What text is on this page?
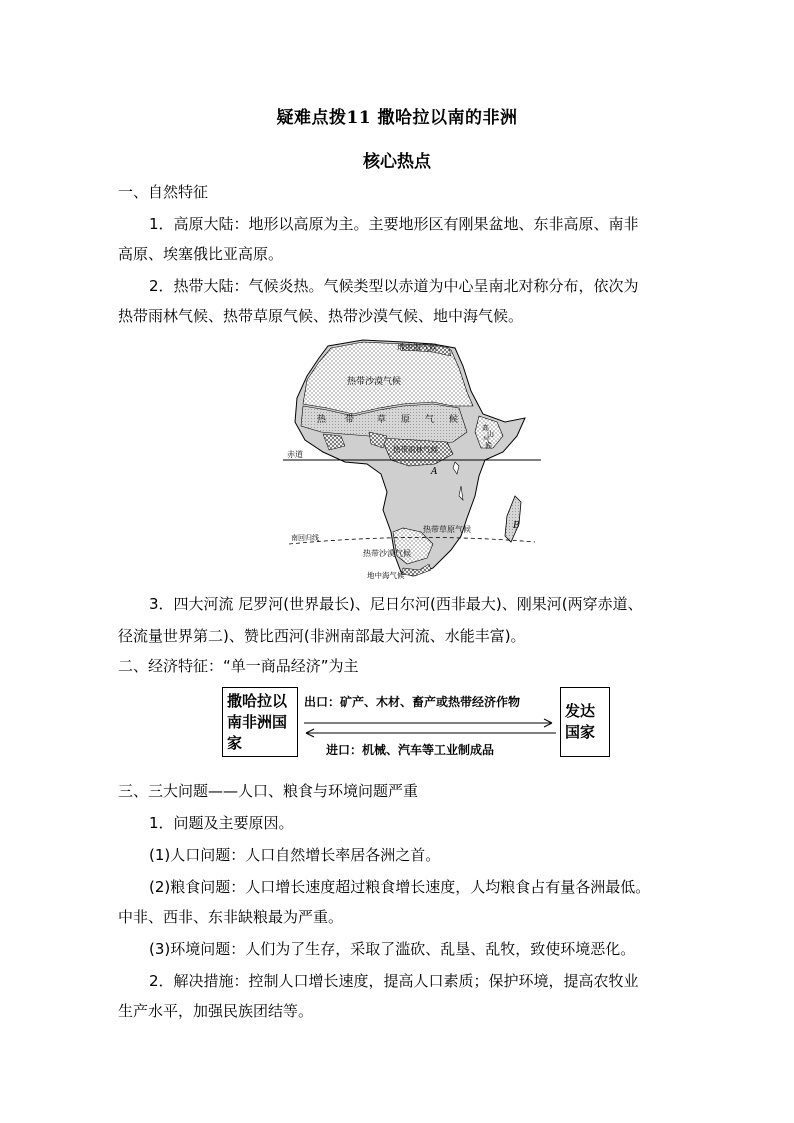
疑难点拨11 撒哈拉以南的非洲
核心热点
一、自然特征
1．高原大陆：地形以高原为主。主要地形区有刚果盆地、东非高原、南非
高原、埃塞俄比亚高原。
2．热带大陆：气候炎热。气候类型以赤道为中心呈南北对称分布，依次为
热带雨林气候、热带草原气候、热带沙漠气候、地中海气候。
地中海气候
热带沙漠气候
热 带	草 原 气 候
热带雨林气候
高
山
气
候
赤道
A
B
热带草原气候
南回归线
热带沙漠气候
地中海气候
3．四大河流 尼罗河(世界最长)、尼日尔河(西非最大)、刚果河(两穿赤道、
径流量世界第二)、赞比西河(非洲南部最大河流、水能丰富)。
二、经济特征：“单一商品经济”为主
撒哈拉以
南非洲国
家
发达
国家
出口：矿产、木材、畜产或热带经济作物
进口：机械、汽车等工业制成品
三、三大问题——人口、粮食与环境问题严重
1．问题及主要原因。
(1)人口问题：人口自然增长率居各洲之首。
(2)粮食问题：人口增长速度超过粮食增长速度，人均粮食占有量各洲最低。
中非、西非、东非缺粮最为严重。
(3)环境问题：人们为了生存，采取了滥砍、乱垦、乱牧，致使环境恶化。
2．解决措施：控制人口增长速度，提高人口素质；保护环境，提高农牧业
生产水平，加强民族团结等。
